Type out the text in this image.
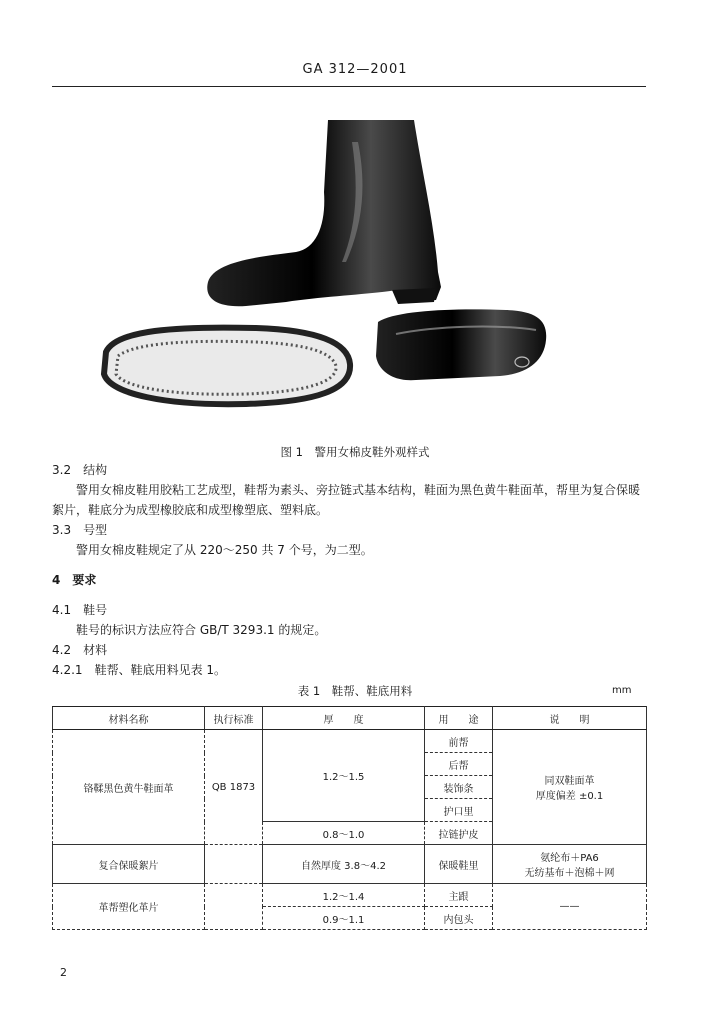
GA 312—2001
图 1　警用女棉皮鞋外观样式
3.2　 结构
警用女棉皮鞋用胶粘工艺成型，鞋帮为素头、旁拉链式基本结构，鞋面为黑色黄牛鞋面革，帮里为复合保暖絮片，鞋底分为成型橡胶底和成型橡塑底、塑料底。
3.3　 号型
警用女棉皮鞋规定了从 220～250 共 7 个号，为二型。
4　 要求
4.1　 鞋号
鞋号的标识方法应符合 GB/T 3293.1 的规定。
4.2　 材料
4.2.1　 鞋帮、鞋底用料见表 1。
表 1　鞋帮、鞋底用料	mm
材料名称	执行标准	厚　　度	用　　途	说　　明
铬鞣黑色黄牛鞋面革	QB 1873	1.2～1.5	前帮	同双鞋面革
厚度偏差 ±0.1

			后帮	
			装饰条	
			护口里	
		0.8～1.0	拉链护皮	
复合保暖絮片		自然厚度 3.8～4.2	保暖鞋里	氨纶布＋PA6
无纺基布＋泡棉＋网

革帮塑化革片		1.2～1.4	主跟	——
		0.9～1.1	内包头	
2
